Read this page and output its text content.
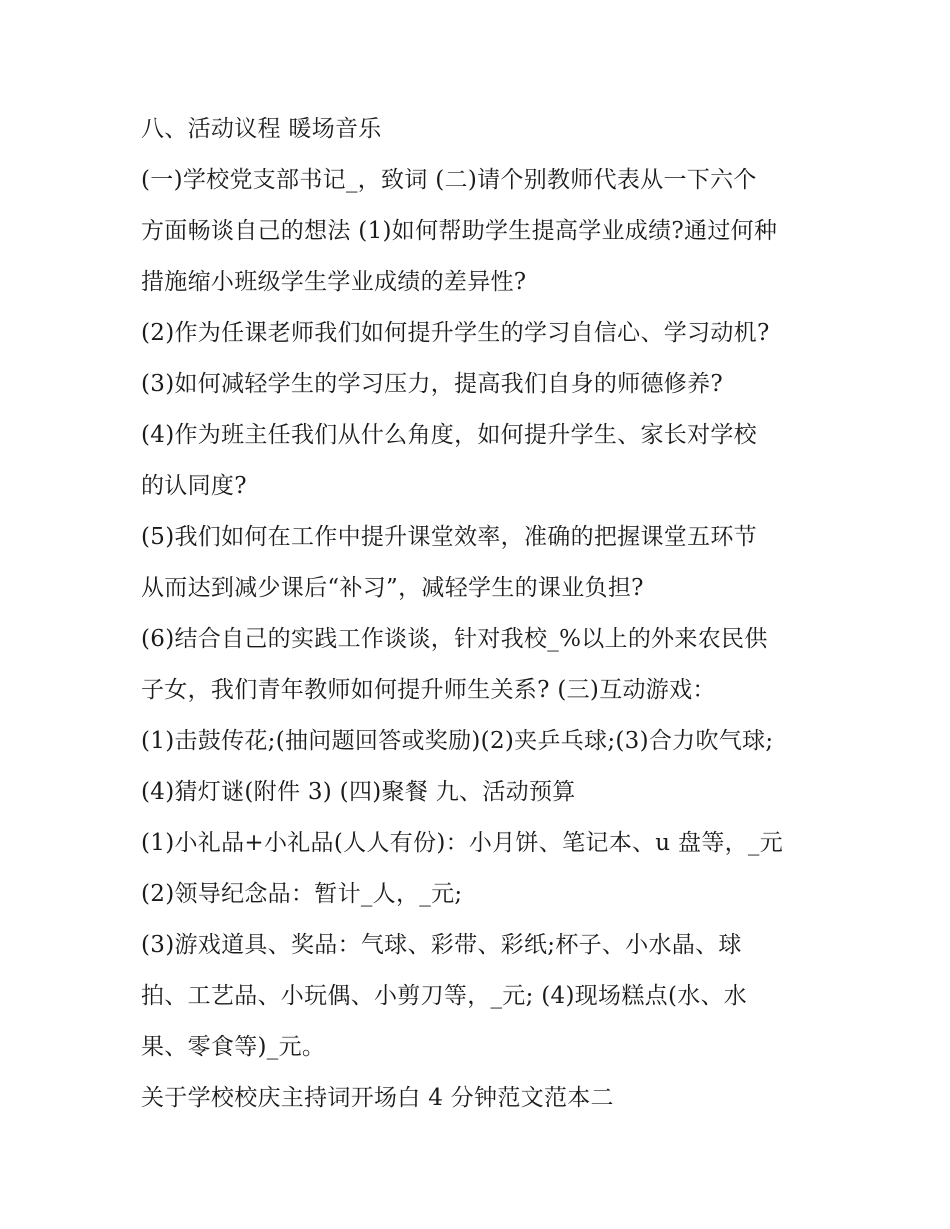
八、活动议程 暖场音乐
(一)学校党支部书记_，致词 (二)请个别教师代表从一下六个
方面畅谈自己的想法 (1)如何帮助学生提高学业成绩?通过何种
措施缩小班级学生学业成绩的差异性?
(2)作为任课老师我们如何提升学生的学习自信心、学习动机?
(3)如何减轻学生的学习压力，提高我们自身的师德修养?
(4)作为班主任我们从什么角度，如何提升学生、家长对学校
的认同度?
(5)我们如何在工作中提升课堂效率，准确的把握课堂五环节
从而达到减少课后“补习”，减轻学生的课业负担?
(6)结合自己的实践工作谈谈，针对我校_%以上的外来农民供
子女，我们青年教师如何提升师生关系? (三)互动游戏：
(1)击鼓传花;(抽问题回答或奖励)(2)夹乒乓球;(3)合力吹气球;
(4)猜灯谜(附件 3) (四)聚餐 九、活动预算
(1)小礼品+小礼品(人人有份)：小月饼、笔记本、u 盘等，_元
(2)领导纪念品：暂计_人，_元;
(3)游戏道具、奖品：气球、彩带、彩纸;杯子、小水晶、球
拍、工艺品、小玩偶、小剪刀等，_元; (4)现场糕点(水、水
果、零食等)_元。
关于学校校庆主持词开场白 4 分钟范文范本二
